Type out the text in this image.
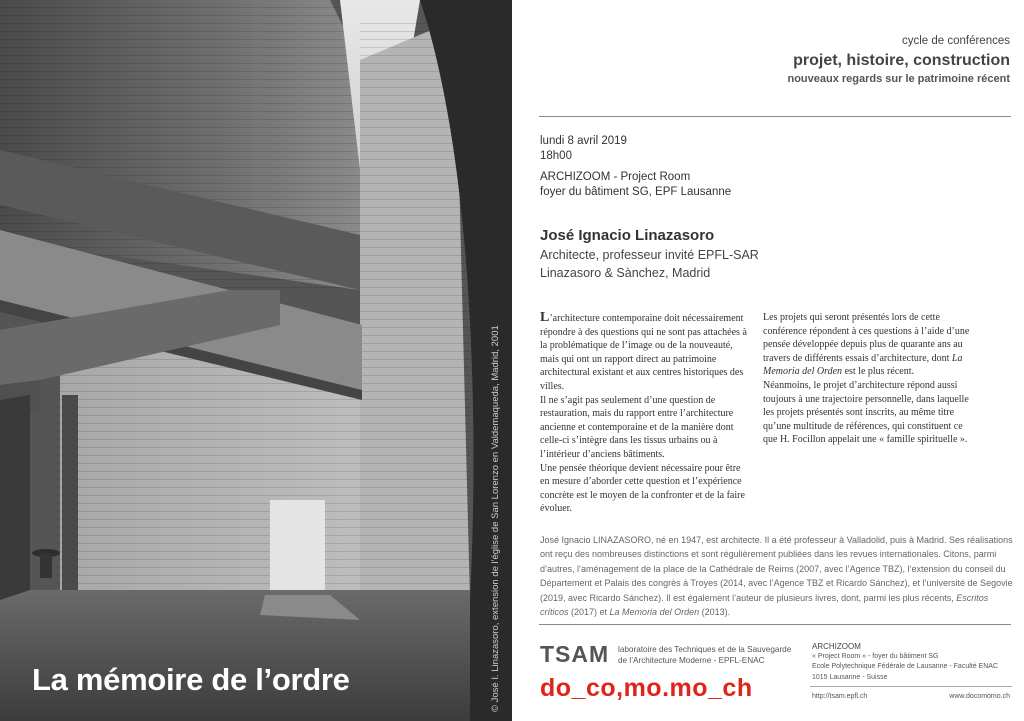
La mémoire de l’ordre	© José I. Linazasoro, extension de l'église de San Lorenzo en Valdemaqueda, Madrid, 2001
cycle de conférences
projet, histoire, construction
nouveaux regards sur le patrimoine récent
lundi 8 avril 2019
18h00
ARCHIZOOM - Project Room
foyer du bâtiment SG, EPF Lausanne
José Ignacio Linazasoro
Architecte, professeur invité EPFL-SAR
Linazasoro & Sànchez, Madrid

L’architecture contemporaine doit nécessairement répondre à des questions qui ne sont pas attachées à la problématique de l’image ou de la nouveauté, mais qui ont un rapport direct au patrimoine architectural existant et aux centres historiques des villes.

Il ne s’agit pas seulement d’une question de restauration, mais du rapport entre l’architecture ancienne et contemporaine et de la manière dont celle-ci s’intègre dans les tissus urbains ou à l’intérieur d’anciens bâtiments.

Une pensée théorique devient nécessaire pour être en mesure d’aborder cette question et l’expérience concrète est le moyen de la confronter et de la faire évoluer.

Les projets qui seront présentés lors de cette conférence répondent à ces questions à l’aide d’une pensée développée depuis plus de quarante ans au travers de différents essais d’architecture, dont La Memoria del Orden est le plus récent.

Néanmoins, le projet d’architecture répond aussi toujours à une trajectoire personnelle, dans laquelle les projets présentés sont inscrits, au même titre qu’une multitude de références, qui constituent ce que H. Focillon appelait une « famille spirituelle ».

José Ignacio LINAZASORO, né en 1947, est architecte. Il a été professeur à Valladolid, puis à Madrid. Ses réalisations ont reçu des nombreuses distinctions et sont régulièrement publiées dans les revues internationales. Citons, parmi d’autres, l’aménagement de la place de la Cathédrale de Reims (2007, avec l’Agence TBZ), l’extension du conseil du Département et Palais des congrès à Troyes (2014, avec l’Agence TBZ et Ricardo Sánchez), et l’université de Segovie (2019, avec Ricardo Sánchez). Il est également l’auteur de plusieurs livres, dont, parmi les plus récents, Escritos críticos (2017) et La Memoria del Orden (2013).
TSAM laboratoire des Techniques et de la Sauvegarde de l’Architecture Moderne - EPFL-ENAC
do_co,mo.mo_ch
ARCHIZOOM
« Project Room » - foyer du bâtiment SG
Ecole Polytechnique Fédérale de Lausanne - Faculté ENAC
1015 Lausanne - Suisse
http://tsam.epfl.ch	www.docomomo.ch
